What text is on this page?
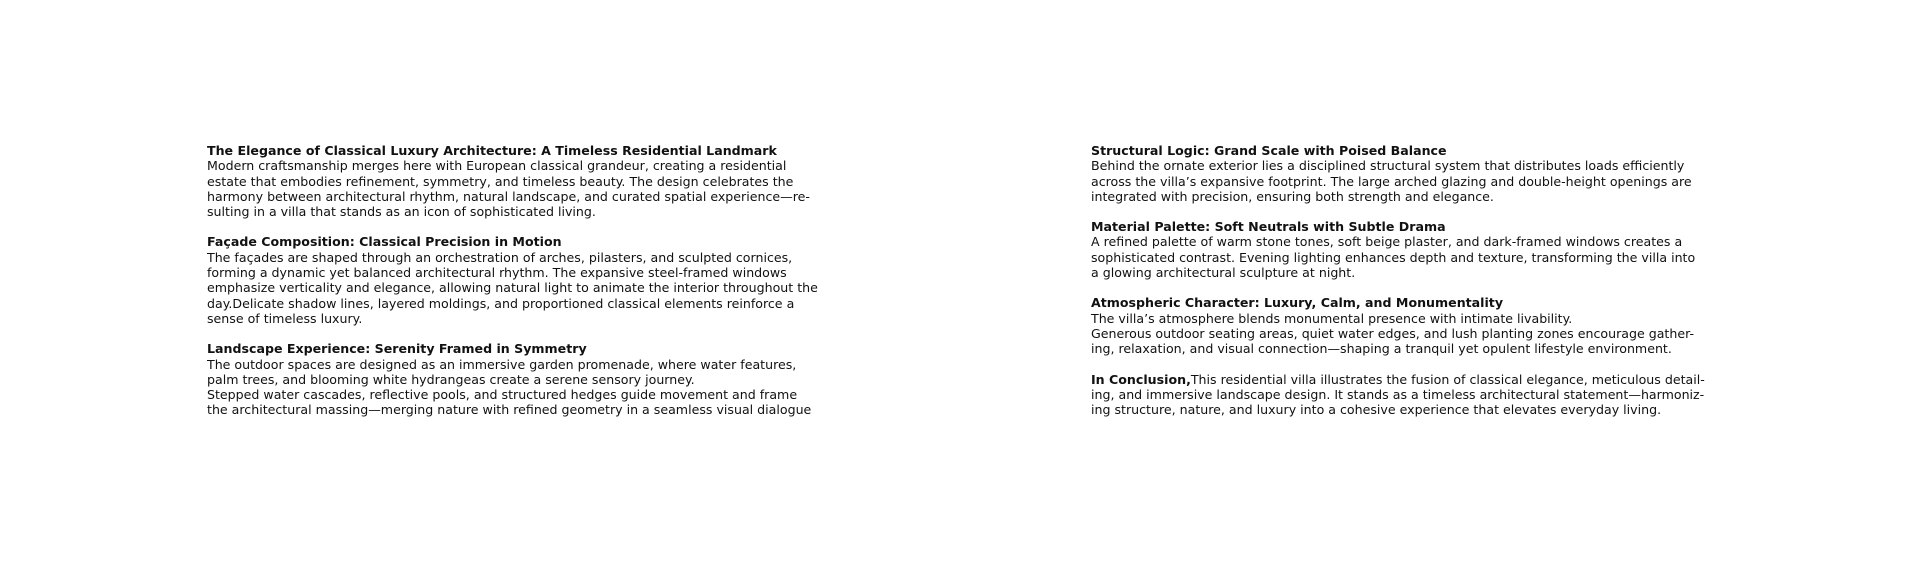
The Elegance of Classical Luxury Architecture: A Timeless Residential Landmark

Modern craftsmanship merges here with European classical grandeur, creating a residential

estate that embodies refinement, symmetry, and timeless beauty. The design celebrates the

harmony between architectural rhythm, natural landscape, and curated spatial experience—re-

sulting in a villa that stands as an icon of sophisticated living.

Façade Composition: Classical Precision in Motion

The façades are shaped through an orchestration of arches, pilasters, and sculpted cornices,

forming a dynamic yet balanced architectural rhythm. The expansive steel-framed windows

emphasize verticality and elegance, allowing natural light to animate the interior throughout the

day.Delicate shadow lines, layered moldings, and proportioned classical elements reinforce a

sense of timeless luxury.

Landscape Experience: Serenity Framed in Symmetry

The outdoor spaces are designed as an immersive garden promenade, where water features,

palm trees, and blooming white hydrangeas create a serene sensory journey.

Stepped water cascades, reflective pools, and structured hedges guide movement and frame

the architectural massing—merging nature with refined geometry in a seamless visual dialogue

Structural Logic: Grand Scale with Poised Balance

Behind the ornate exterior lies a disciplined structural system that distributes loads efficiently

across the villa’s expansive footprint. The large arched glazing and double-height openings are

integrated with precision, ensuring both strength and elegance.

Material Palette: Soft Neutrals with Subtle Drama

A refined palette of warm stone tones, soft beige plaster, and dark-framed windows creates a

sophisticated contrast. Evening lighting enhances depth and texture, transforming the villa into

a glowing architectural sculpture at night.

Atmospheric Character: Luxury, Calm, and Monumentality

The villa’s atmosphere blends monumental presence with intimate livability.

Generous outdoor seating areas, quiet water edges, and lush planting zones encourage gather-

ing, relaxation, and visual connection—shaping a tranquil yet opulent lifestyle environment.

In Conclusion,This residential villa illustrates the fusion of classical elegance, meticulous detail-

ing, and immersive landscape design. It stands as a timeless architectural statement—harmoniz-

ing structure, nature, and luxury into a cohesive experience that elevates everyday living.
